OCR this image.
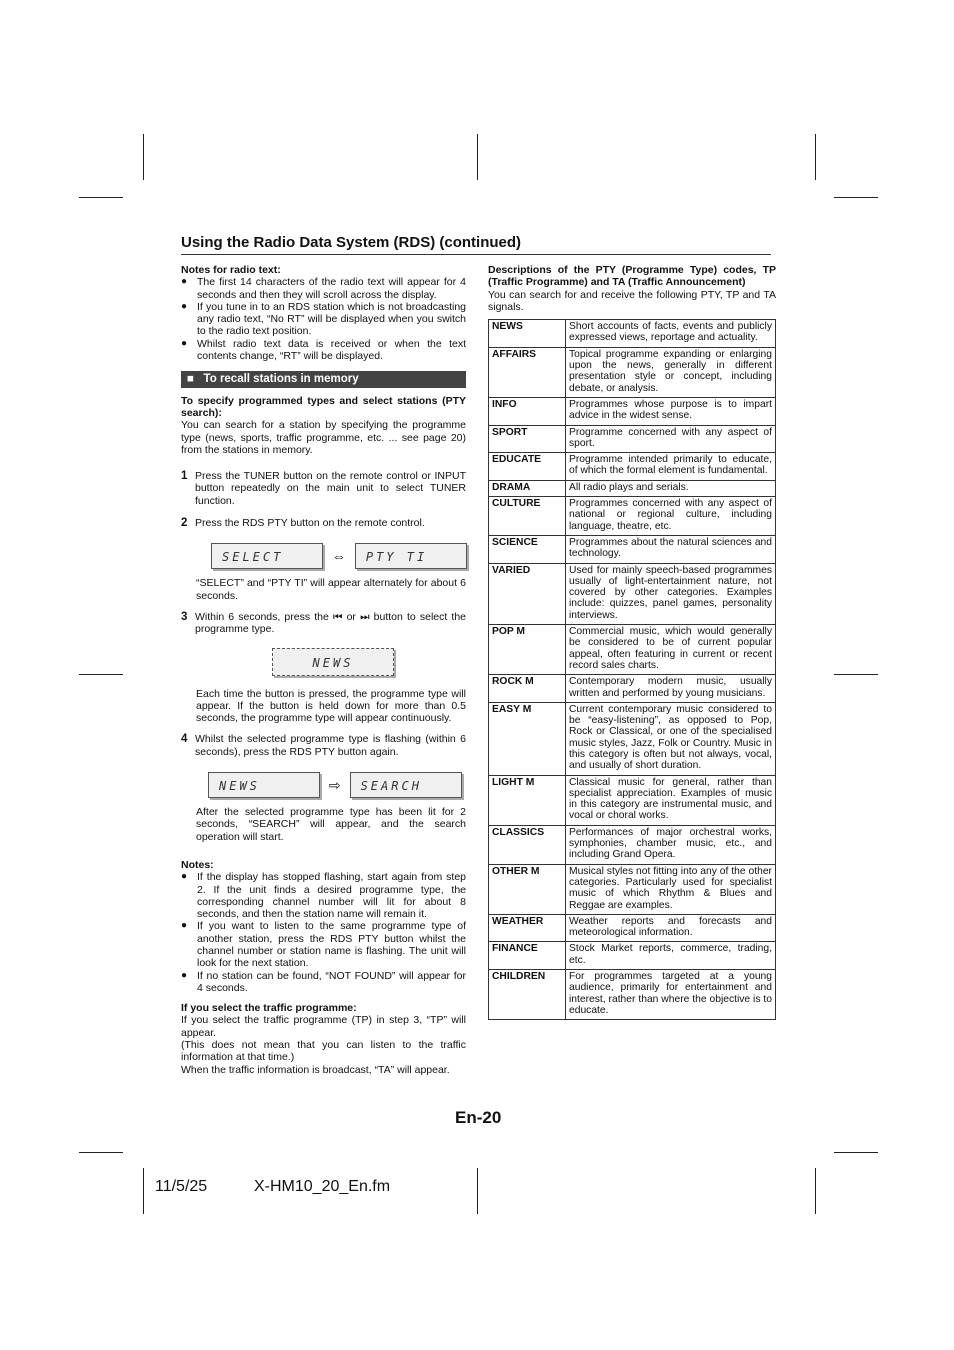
Using the Radio Data System (RDS) (continued)

Notes for radio text:

● The first 14 characters of the radio text will appear for 4 seconds and then they will scroll across the display.
● If you tune in to an RDS station which is not broadcasting any radio text, “No RT” will be displayed when you switch to the radio text position.
● Whilst radio text data is received or when the text contents change, “RT” will be displayed.
■ To recall stations in memory

To specify programmed types and select stations (PTY search):

You can search for a station by specifying the programme type (news, sports, traffic programme, etc. ... see page 20) from the stations in memory.

1 Press the TUNER button on the remote control or INPUT button repeatedly on the main unit to select TUNER function.
2 Press the RDS PTY button on the remote control.
SELECT	⇔ PTY TI

“SELECT” and “PTY TI” will appear alternately for about 6 seconds.

3 Within 6 seconds, press the ⏮ or ⏭ button to select the programme type.
NEWS

Each time the button is pressed, the programme type will appear. If the button is held down for more than 0.5 seconds, the programme type will appear continuously.

4 Whilst the selected programme type is flashing (within 6 seconds), press the RDS PTY button again.
NEWS	⇨ SEARCH

After the selected programme type has been lit for 2 seconds, “SEARCH” will appear, and the search operation will start.

Notes:

● If the display has stopped flashing, start again from step 2. If the unit finds a desired programme type, the corresponding channel number will lit for about 8 seconds, and then the station name will remain it.
● If you want to listen to the same programme type of another station, press the RDS PTY button whilst the channel number or station name is flashing. The unit will look for the next station.
● If no station can be found, “NOT FOUND” will appear for 4 seconds.

If you select the traffic programme:

If you select the traffic programme (TP) in step 3, “TP” will appear.

(This does not mean that you can listen to the traffic information at that time.)

When the traffic information is broadcast, “TA” will appear.

Descriptions of the PTY (Programme Type) codes, TP (Traffic Programme) and TA (Traffic Announcement)

You can search for and receive the following PTY, TP and TA signals.

NEWS	Short accounts of facts, events and publicly expressed views, reportage and actuality.
AFFAIRS	Topical programme expanding or enlarging upon the news, generally in different presentation style or concept, including debate, or analysis.
INFO	Programmes whose purpose is to impart advice in the widest sense.
SPORT	Programme concerned with any aspect of sport.
EDUCATE	Programme intended primarily to educate, of which the formal element is fundamental.
DRAMA	All radio plays and serials.
CULTURE	Programmes concerned with any aspect of national or regional culture, including language, theatre, etc.
SCIENCE	Programmes about the natural sciences and technology.
VARIED	Used for mainly speech-based programmes usually of light-entertainment nature, not covered by other categories. Examples include: quizzes, panel games, personality interviews.
POP M	Commercial music, which would generally be considered to be of current popular appeal, often featuring in current or recent record sales charts.
ROCK M	Contemporary modern music, usually written and performed by young musicians.
EASY M	Current contemporary music considered to be “easy-listening”, as opposed to Pop, Rock or Classical, or one of the specialised music styles, Jazz, Folk or Country. Music in this category is often but not always, vocal, and usually of short duration.
LIGHT M	Classical music for general, rather than specialist appreciation. Examples of music in this category are instrumental music, and vocal or choral works.
CLASSICS	Performances of major orchestral works, symphonies, chamber music, etc., and including Grand Opera.
OTHER M	Musical styles not fitting into any of the other categories. Particularly used for specialist music of which Rhythm & Blues and Reggae are examples.
WEATHER	Weather reports and forecasts and meteorological information.
FINANCE	Stock Market reports, commerce, trading, etc.
CHILDREN	For programmes targeted at a young audience, primarily for entertainment and interest, rather than where the objective is to educate.
En-20
11/5/25	X-HM10_20_En.fm
